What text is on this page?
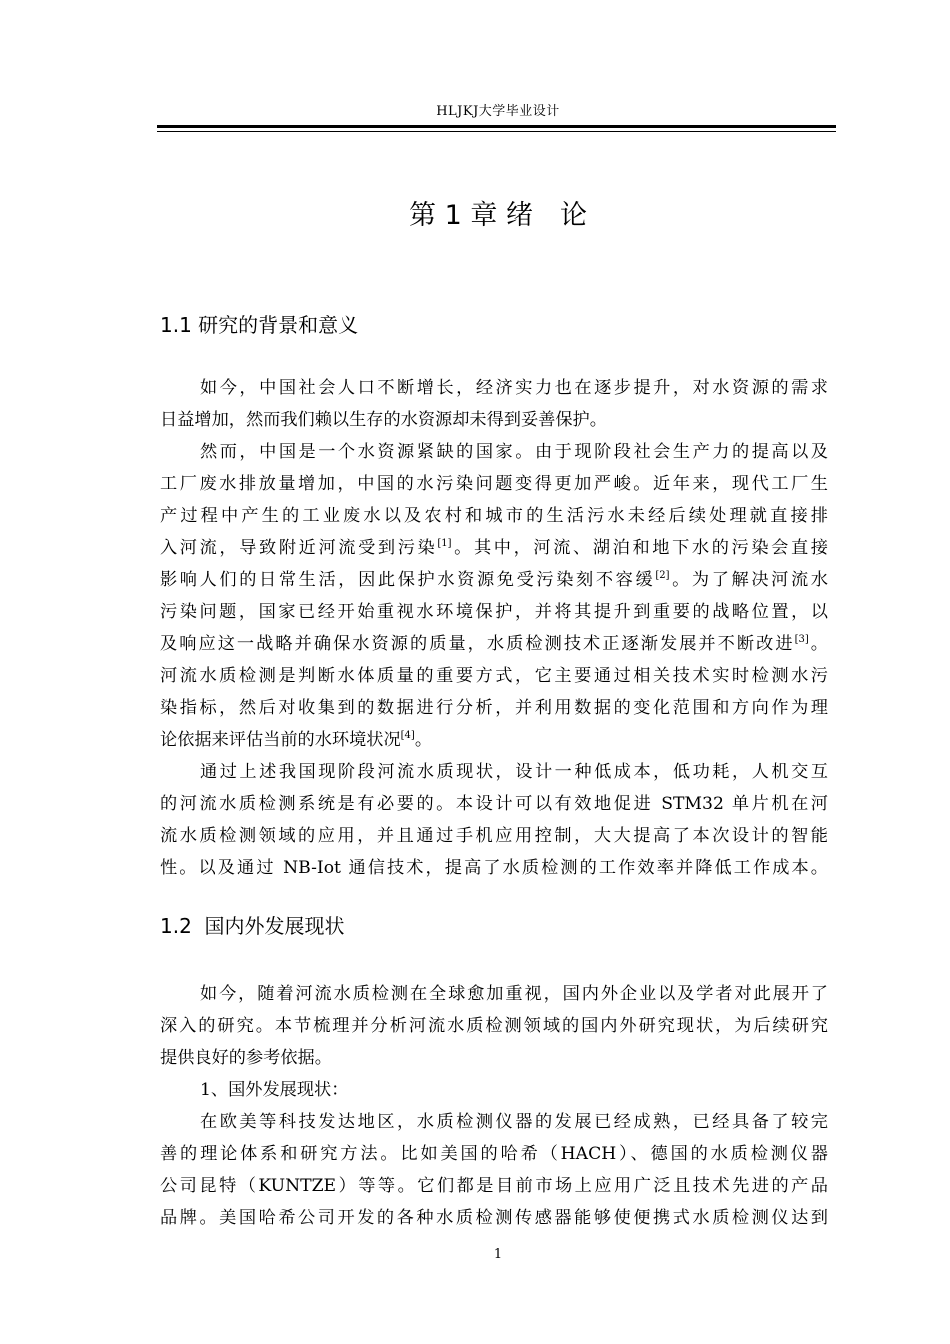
HLJKJ大学毕业设计
第 1 章 绪　论
1.1 研究的背景和意义
如今，中国社会人口不断增长，经济实力也在逐步提升，对水资源的需求
日益增加，然而我们赖以生存的水资源却未得到妥善保护。
然而，中国是一个水资源紧缺的国家。由于现阶段社会生产力的提高以及
工厂废水排放量增加，中国的水污染问题变得更加严峻。近年来，现代工厂生
产过程中产生的工业废水以及农村和城市的生活污水未经后续处理就直接排
入河流，导致附近河流受到污染[1]。其中，河流、湖泊和地下水的污染会直接
影响人们的日常生活，因此保护水资源免受污染刻不容缓[2]。为了解决河流水
污染问题，国家已经开始重视水环境保护，并将其提升到重要的战略位置，以
及响应这一战略并确保水资源的质量，水质检测技术正逐渐发展并不断改进[3]。
河流水质检测是判断水体质量的重要方式，它主要通过相关技术实时检测水污
染指标，然后对收集到的数据进行分析，并利用数据的变化范围和方向作为理
论依据来评估当前的水环境状况[4]。
通过上述我国现阶段河流水质现状，设计一种低成本，低功耗，人机交互
的河流水质检测系统是有必要的。本设计可以有效地促进 STM32 单片机在河
流水质检测领域的应用，并且通过手机应用控制，大大提高了本次设计的智能
性。以及通过 NB-Iot 通信技术，提高了水质检测的工作效率并降低工作成本。
1.2  国内外发展现状
如今，随着河流水质检测在全球愈加重视，国内外企业以及学者对此展开了
深入的研究。本节梳理并分析河流水质检测领域的国内外研究现状，为后续研究
提供良好的参考依据。
1、国外发展现状：
在欧美等科技发达地区，水质检测仪器的发展已经成熟，已经具备了较完
善的理论体系和研究方法。比如美国的哈希（HACH）、德国的水质检测仪器
公司昆特（KUNTZE）等等。它们都是目前市场上应用广泛且技术先进的产品
品牌。美国哈希公司开发的各种水质检测传感器能够使便携式水质检测仪达到
1
